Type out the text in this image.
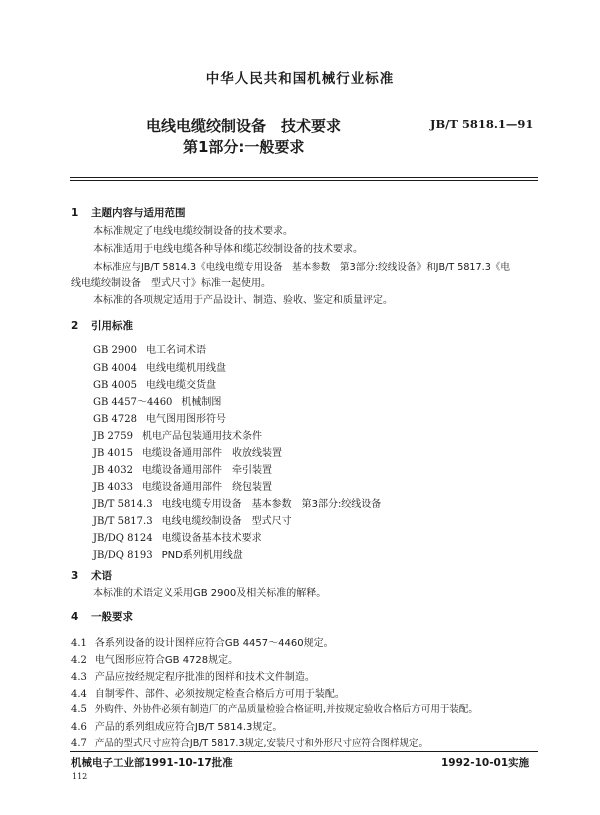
中华人民共和国机械行业标准
电线电缆绞制设备　技术要求	JB/T 5818.1—91
第1部分:一般要求
1 主题内容与适用范围
本标准规定了电线电缆绞制设备的技术要求。
本标准适用于电线电缆各种导体和缆芯绞制设备的技术要求。
本标准应与JB/T 5814.3《电线电缆专用设备　基本参数　第3部分:绞线设备》和JB/T 5817.3《电
线电缆绞制设备　型式尺寸》标准一起使用。
本标准的各项规定适用于产品设计、制造、验收、鉴定和质量评定。
2 引用标准
GB 2900 电工名词术语
GB 4004 电线电缆机用线盘
GB 4005 电线电缆交货盘
GB 4457～4460 机械制图
GB 4728 电气图用图形符号
JB 2759 机电产品包装通用技术条件
JB 4015 电缆设备通用部件　收放线装置
JB 4032 电缆设备通用部件　牵引装置
JB 4033 电缆设备通用部件　绕包装置
JB/T 5814.3 电线电缆专用设备　基本参数　第3部分:绞线设备
JB/T 5817.3 电线电缆绞制设备　型式尺寸
JB/DQ 8124 电缆设备基本技术要求
JB/DQ 8193 PND系列机用线盘
3 术语
本标准的术语定义采用GB 2900及相关标准的解释。
4 一般要求
4.1 各系列设备的设计图样应符合GB 4457～4460规定。
4.2 电气图形应符合GB 4728规定。
4.3 产品应按经规定程序批准的图样和技术文件制造。
4.4 自制零件、部件、必须按规定检查合格后方可用于装配。
4.5 外购件、外协件必须有制造厂的产品质量检验合格证明,并按规定验收合格后方可用于装配。
4.6 产品的系列组成应符合JB/T 5814.3规定。
4.7 产品的型式尺寸应符合JB/T 5817.3规定,安装尺寸和外形尺寸应符合图样规定。
机械电子工业部1991-10-17批准	1992-10-01实施
112
